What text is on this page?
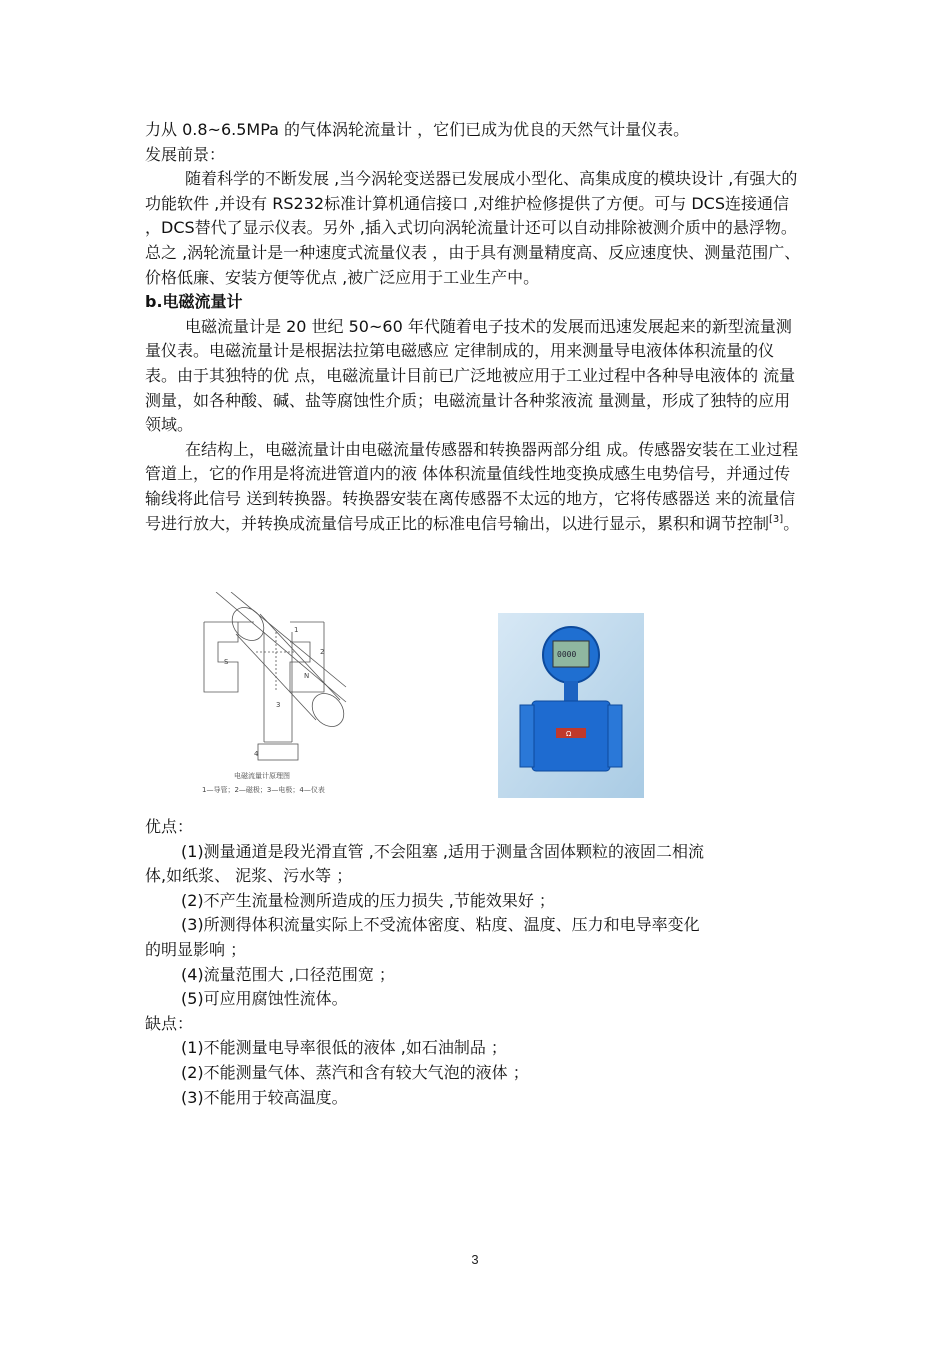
力从 0.8~6.5MPa 的气体涡轮流量计 ，它们已成为优良的天然气计量仪表。

发展前景：

随着科学的不断发展 ,当今涡轮变送器已发展成小型化、高集成度的模块设计 ,有强大的功能软件 ,并设有 RS232标准计算机通信接口 ,对维护检修提供了方便。可与 DCS连接通信 ，DCS替代了显示仪表。另外 ,插入式切向涡轮流量计还可以自动排除被测介质中的悬浮物。 总之 ,涡轮流量计是一种速度式流量仪表 ，由于具有测量精度高、反应速度快、测量范围广、价格低廉、安装方便等优点 ,被广泛应用于工业生产中。

b.电磁流量计

电磁流量计是 20 世纪 50~60 年代随着电子技术的发展而迅速发展起来的新型流量测量仪表。电磁流量计是根据法拉第电磁感应 定律制成的，用来测量导电液体体积流量的仪表。由于其独特的优 点，电磁流量计目前已广泛地被应用于工业过程中各种导电液体的 流量测量，如各种酸、碱、盐等腐蚀性介质；电磁流量计各种浆液流 量测量，形成了独特的应用领域。

在结构上，电磁流量计由电磁流量传感器和转换器两部分组 成。传感器安装在工业过程管道上，它的作用是将流进管道内的液 体体积流量值线性地变换成感生电势信号，并通过传输线将此信号 送到转换器。转换器安装在离传感器不太远的地方，它将传感器送 来的流量信号进行放大，并转换成流量信号成正比的标准电信号输出，以进行显示，累积和调节控制[3]。

S
N
1
2
3
4
电磁流量计原理图
1—导管；2—磁极；3—电极；4—仪表
0000
Ω

优点：

(1)测量通道是段光滑直管 ,不会阻塞 ,适用于测量含固体颗粒的液固二相流

体,如纸浆、 泥浆、污水等 ；

(2)不产生流量检测所造成的压力损失 ,节能效果好 ；

(3)所测得体积流量实际上不受流体密度、粘度、温度、压力和电导率变化

的明显影响 ；

(4)流量范围大 ,口径范围宽 ；

(5)可应用腐蚀性流体。

缺点：

(1)不能测量电导率很低的液体 ,如石油制品 ；

(2)不能测量气体、蒸汽和含有较大气泡的液体 ；

(3)不能用于较高温度。

3
